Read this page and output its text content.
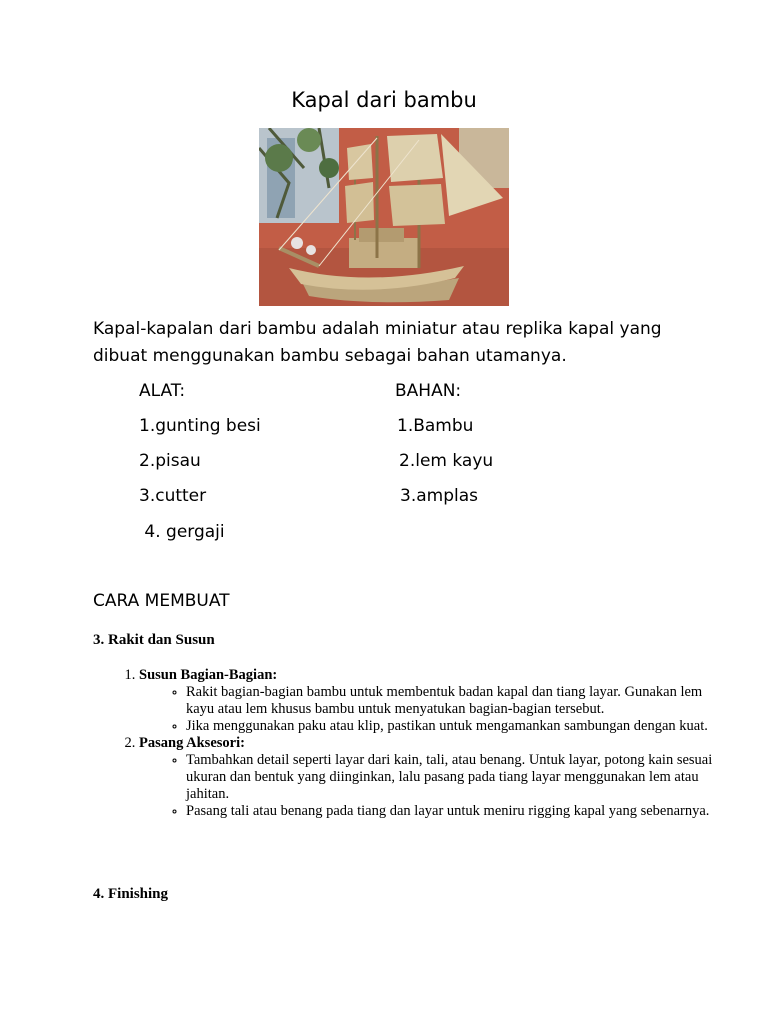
Kapal dari bambu
Kapal-kapalan dari bambu adalah miniatur atau replika kapal yang dibuat menggunakan bambu sebagai bahan utamanya.
ALAT:	BAHAN:
1.gunting besi
2.pisau
3.cutter
4. gergaji
1.Bambu
2.lem kayu
3.amplas
CARA MEMBUAT
3. Rakit dan Susun
1. Susun Bagian-Bagian:
◦ Rakit bagian-bagian bambu untuk membentuk badan kapal dan tiang layar. Gunakan lem kayu atau lem khusus bambu untuk menyatukan bagian-bagian tersebut.
◦ Jika menggunakan paku atau klip, pastikan untuk mengamankan sambungan dengan kuat.
2. Pasang Aksesori:
◦ Tambahkan detail seperti layar dari kain, tali, atau benang. Untuk layar, potong kain sesuai ukuran dan bentuk yang diinginkan, lalu pasang pada tiang layar menggunakan lem atau jahitan.
◦ Pasang tali atau benang pada tiang dan layar untuk meniru rigging kapal yang sebenarnya.
4. Finishing
